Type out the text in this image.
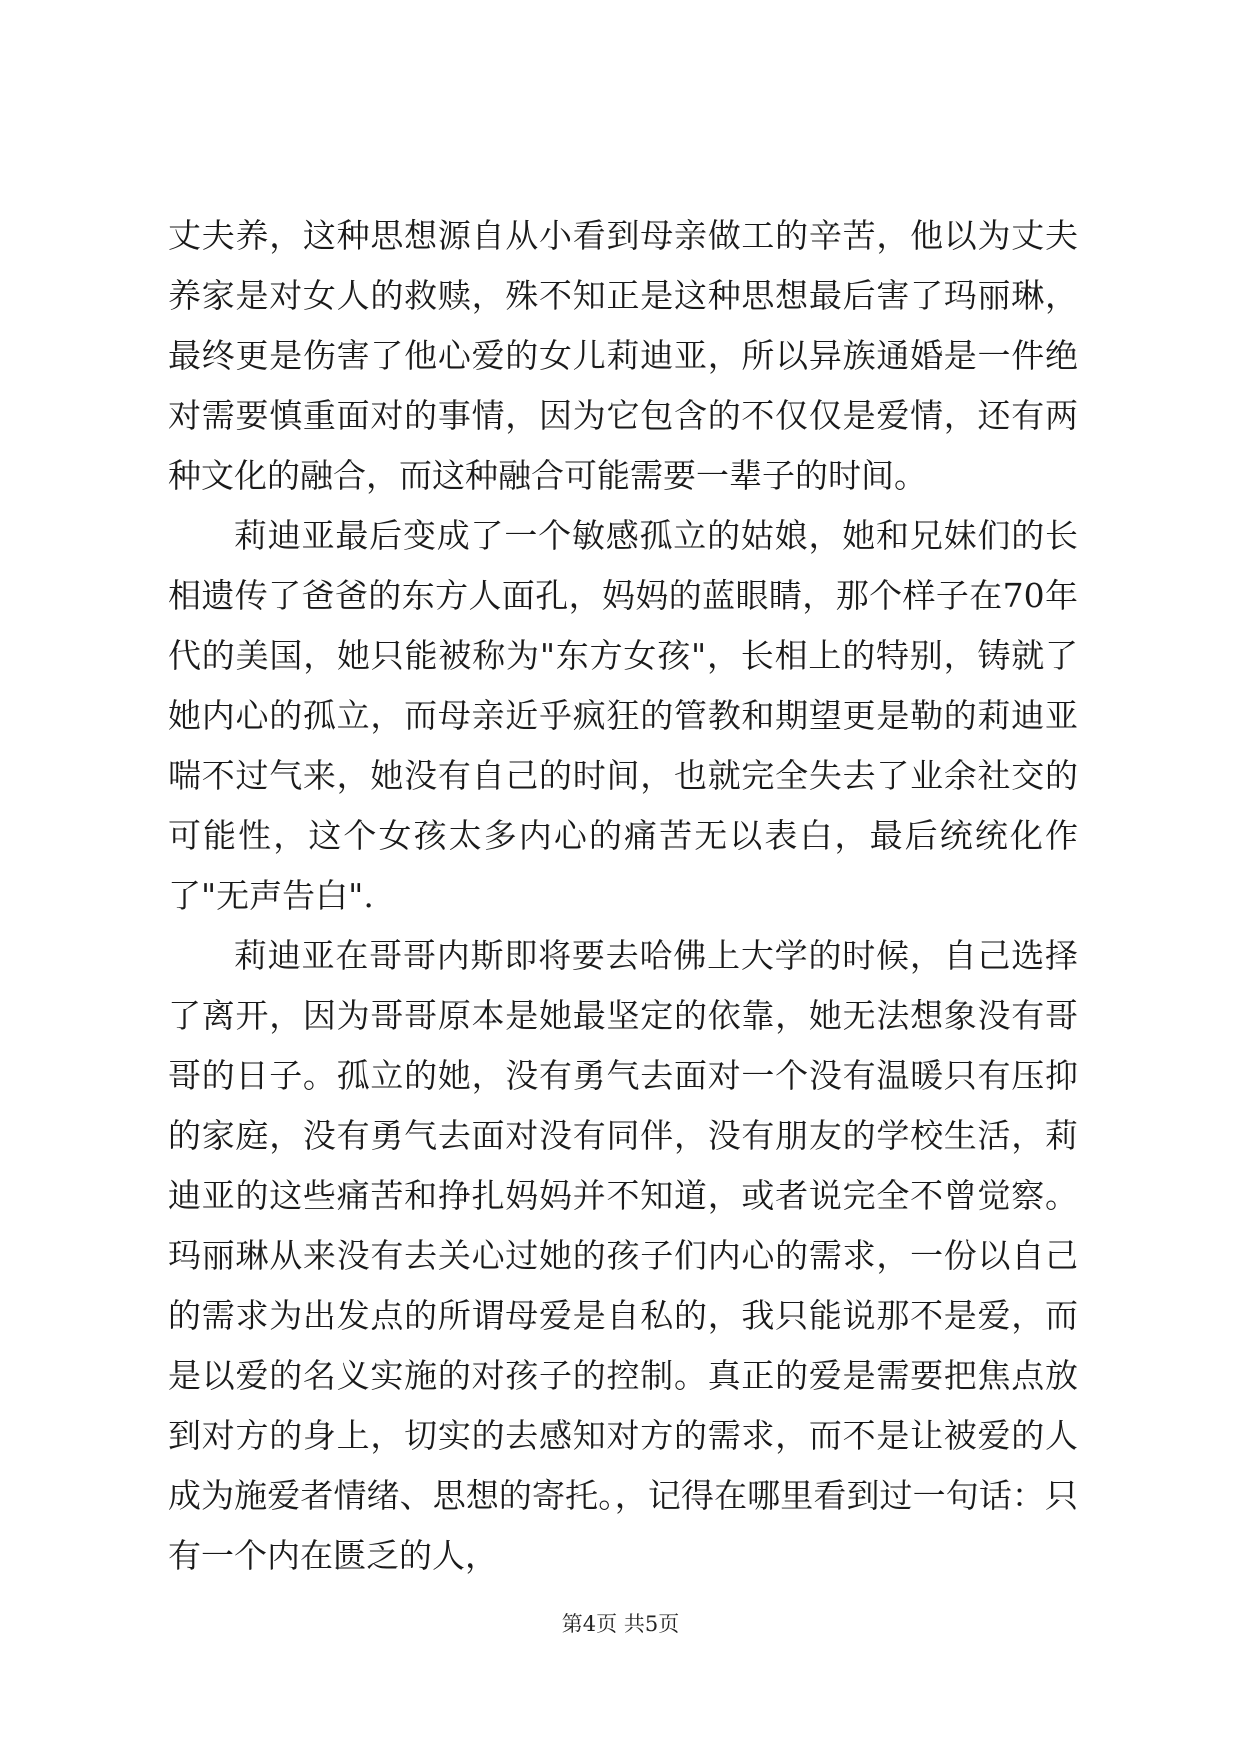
丈夫养，这种思想源自从小看到母亲做工的辛苦，他以为丈夫养家是对女人的救赎，殊不知正是这种思想最后害了玛丽琳，最终更是伤害了他心爱的女儿莉迪亚，所以异族通婚是一件绝对需要慎重面对的事情，因为它包含的不仅仅是爱情，还有两种文化的融合，而这种融合可能需要一辈子的时间。

莉迪亚最后变成了一个敏感孤立的姑娘，她和兄妹们的长相遗传了爸爸的东方人面孔，妈妈的蓝眼睛，那个样子在70年代的美国，她只能被称为"东方女孩"，长相上的特别，铸就了她内心的孤立，而母亲近乎疯狂的管教和期望更是勒的莉迪亚喘不过气来，她没有自己的时间，也就完全失去了业余社交的可能性，这个女孩太多内心的痛苦无以表白，最后统统化作了"无声告白".

莉迪亚在哥哥内斯即将要去哈佛上大学的时候，自己选择了离开，因为哥哥原本是她最坚定的依靠，她无法想象没有哥哥的日子。孤立的她，没有勇气去面对一个没有温暖只有压抑的家庭，没有勇气去面对没有同伴，没有朋友的学校生活，莉迪亚的这些痛苦和挣扎妈妈并不知道，或者说完全不曾觉察。玛丽琳从来没有去关心过她的孩子们内心的需求，一份以自己的需求为出发点的所谓母爱是自私的，我只能说那不是爱，而是以爱的名义实施的对孩子的控制。真正的爱是需要把焦点放到对方的身上，切实的去感知对方的需求，而不是让被爱的人成为施爱者情绪、思想的寄托。，记得在哪里看到过一句话：只有一个内在匮乏的人，

第4页 共5页
